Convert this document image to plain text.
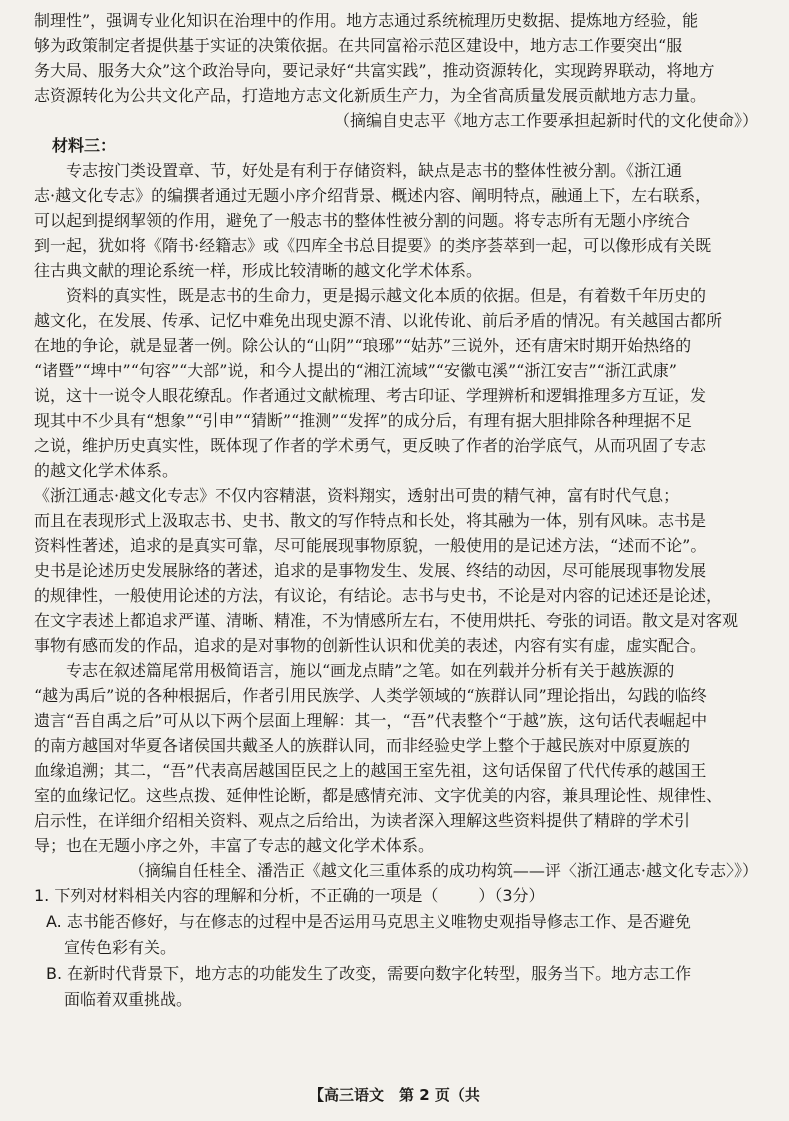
制理性”，强调专业化知识在治理中的作用。地方志通过系统梳理历史数据、提炼地方经验，能
够为政策制定者提供基于实证的决策依据。在共同富裕示范区建设中，地方志工作要突出“服
务大局、服务大众”这个政治导向，要记录好“共富实践”，推动资源转化，实现跨界联动，将地方
志资源转化为公共文化产品，打造地方志文化新质生产力，为全省高质量发展贡献地方志力量。
（摘编自史志平《地方志工作要承担起新时代的文化使命》）
材料三：
专志按门类设置章、节，好处是有利于存储资料，缺点是志书的整体性被分割。《浙江通
志·越文化专志》的编撰者通过无题小序介绍背景、概述内容、阐明特点，融通上下，左右联系，
可以起到提纲挈领的作用，避免了一般志书的整体性被分割的问题。将专志所有无题小序统合
到一起，犹如将《隋书·经籍志》或《四库全书总目提要》的类序荟萃到一起，可以像形成有关既
往古典文献的理论系统一样，形成比较清晰的越文化学术体系。
资料的真实性，既是志书的生命力，更是揭示越文化本质的依据。但是，有着数千年历史的
越文化，在发展、传承、记忆中难免出现史源不清、以讹传讹、前后矛盾的情况。有关越国古都所
在地的争论，就是显著一例。除公认的“山阴”“琅琊”“姑苏”三说外，还有唐宋时期开始热络的
“诸暨”“埤中”“句容”“大部”说，和今人提出的“湘江流域”“安徽屯溪”“浙江安吉”“浙江武康”
说，这十一说令人眼花缭乱。作者通过文献梳理、考古印证、学理辨析和逻辑推理多方互证，发
现其中不少具有“想象”“引申”“猜断”“推测”“发挥”的成分后，有理有据大胆排除各种理据不足
之说，维护历史真实性，既体现了作者的学术勇气，更反映了作者的治学底气，从而巩固了专志
的越文化学术体系。
《浙江通志·越文化专志》不仅内容精湛，资料翔实，透射出可贵的精气神，富有时代气息；
而且在表现形式上汲取志书、史书、散文的写作特点和长处，将其融为一体，别有风味。志书是
资料性著述，追求的是真实可靠，尽可能展现事物原貌，一般使用的是记述方法，“述而不论”。
史书是论述历史发展脉络的著述，追求的是事物发生、发展、终结的动因，尽可能展现事物发展
的规律性，一般使用论述的方法，有议论，有结论。志书与史书，不论是对内容的记述还是论述，
在文字表述上都追求严谨、清晰、精准，不为情感所左右，不使用烘托、夸张的词语。散文是对客观
事物有感而发的作品，追求的是对事物的创新性认识和优美的表述，内容有实有虚，虚实配合。
专志在叙述篇尾常用极简语言，施以“画龙点睛”之笔。如在列载并分析有关于越族源的
“越为禹后”说的各种根据后，作者引用民族学、人类学领域的“族群认同”理论指出，勾践的临终
遗言“吾自禹之后”可从以下两个层面上理解：其一，“吾”代表整个“于越”族，这句话代表崛起中
的南方越国对华夏各诸侯国共戴圣人的族群认同，而非经验史学上整个于越民族对中原夏族的
血缘追溯；其二，“吾”代表高居越国臣民之上的越国王室先祖，这句话保留了代代传承的越国王
室的血缘记忆。这些点拨、延伸性论断，都是感情充沛、文字优美的内容，兼具理论性、规律性、
启示性，在详细介绍相关资料、观点之后给出，为读者深入理解这些资料提供了精辟的学术引
导；也在无题小序之外，丰富了专志的越文化学术体系。
（摘编自任桂全、潘浩正《越文化三重体系的成功构筑——评〈浙江通志·越文化专志〉》）
1. 下列对材料相关内容的理解和分析，不正确的一项是（	）（3分）
A. 志书能否修好，与在修志的过程中是否运用马克思主义唯物史观指导修志工作、是否避免
宣传色彩有关。
B. 在新时代背景下，地方志的功能发生了改变，需要向数字化转型，服务当下。地方志工作
面临着双重挑战。
【高三语文　第 2 页（共
